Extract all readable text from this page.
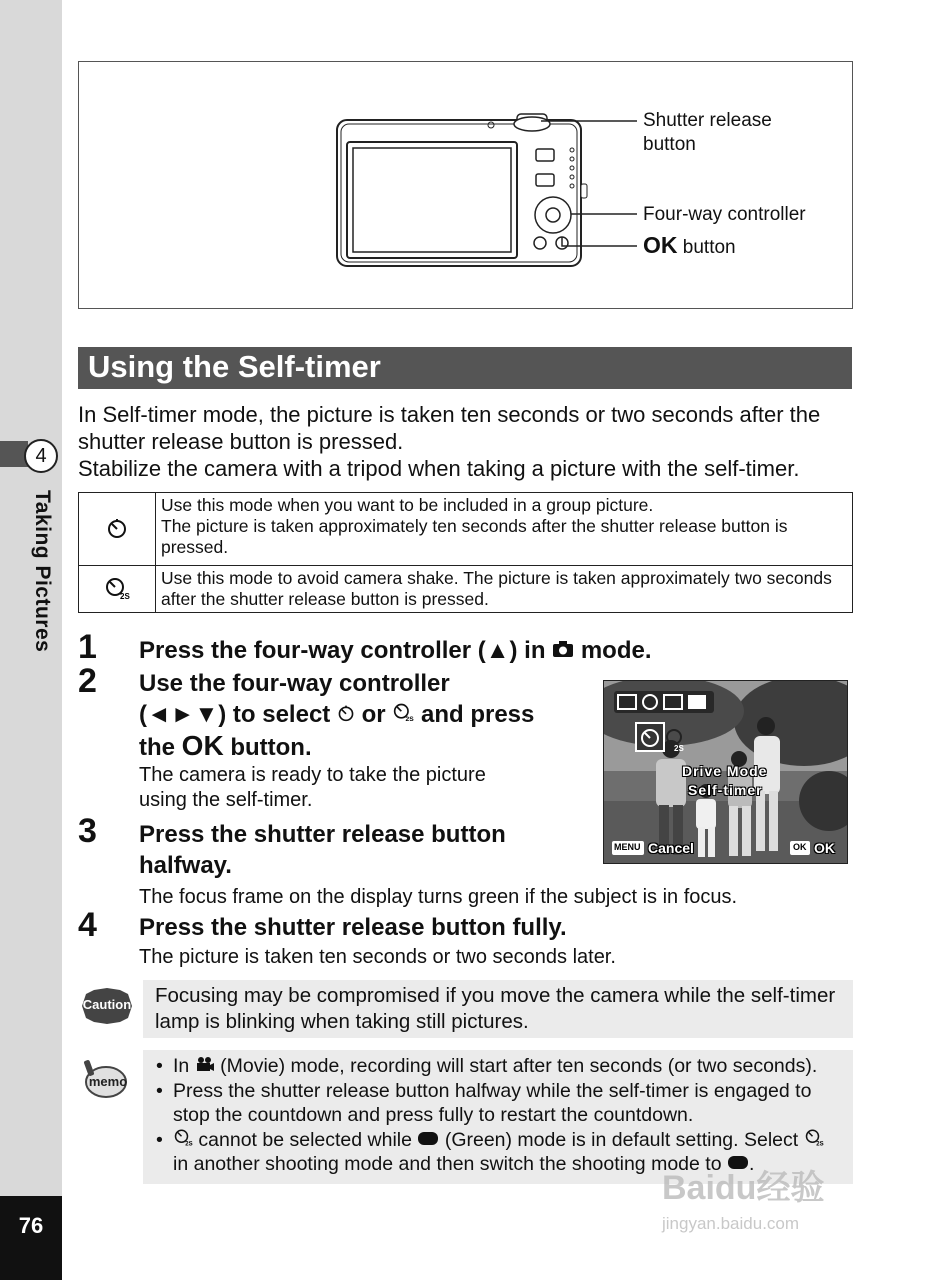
4
Taking Pictures
76
Shutter release
button
Four-way controller
OK button
Using the Self-timer
In Self-timer mode, the picture is taken ten seconds or two seconds after the shutter release button is pressed.
Stabilize the camera with a tripod when taking a picture with the self-timer.
	Use this mode when you want to be included in a group picture.
The picture is taken approximately ten seconds after the shutter release button is pressed.

2S	Use this mode to avoid camera shake. The picture is taken approximately two seconds after the shutter release button is pressed.
1 Press the four-way controller (▲) in mode.
2 Use the four-way controller
(◄►▼) to select or	2S and press
the OK button.
The camera is ready to take the picture
using the self-timer.
3 Press the shutter release button
halfway.
The focus frame on the display turns green if the subject is in focus.
4 Press the shutter release button fully.
The picture is taken ten seconds or two seconds later.
2S
Drive Mode
Self-timer
MENU Cancel	OK OK
Caution	Focusing may be compromised if you move the camera while the self-timer lamp is blinking when taking still pictures.
memo
• In (Movie) mode, recording will start after ten seconds (or two seconds).
• Press the shutter release button halfway while the self-timer is engaged to stop the countdown and press fully to restart the countdown.
• 2S cannot be selected while (Green) mode is in default setting. Select 2S
in another shooting mode and then switch the shooting mode to .
Baidu经验
jingyan.baidu.com
